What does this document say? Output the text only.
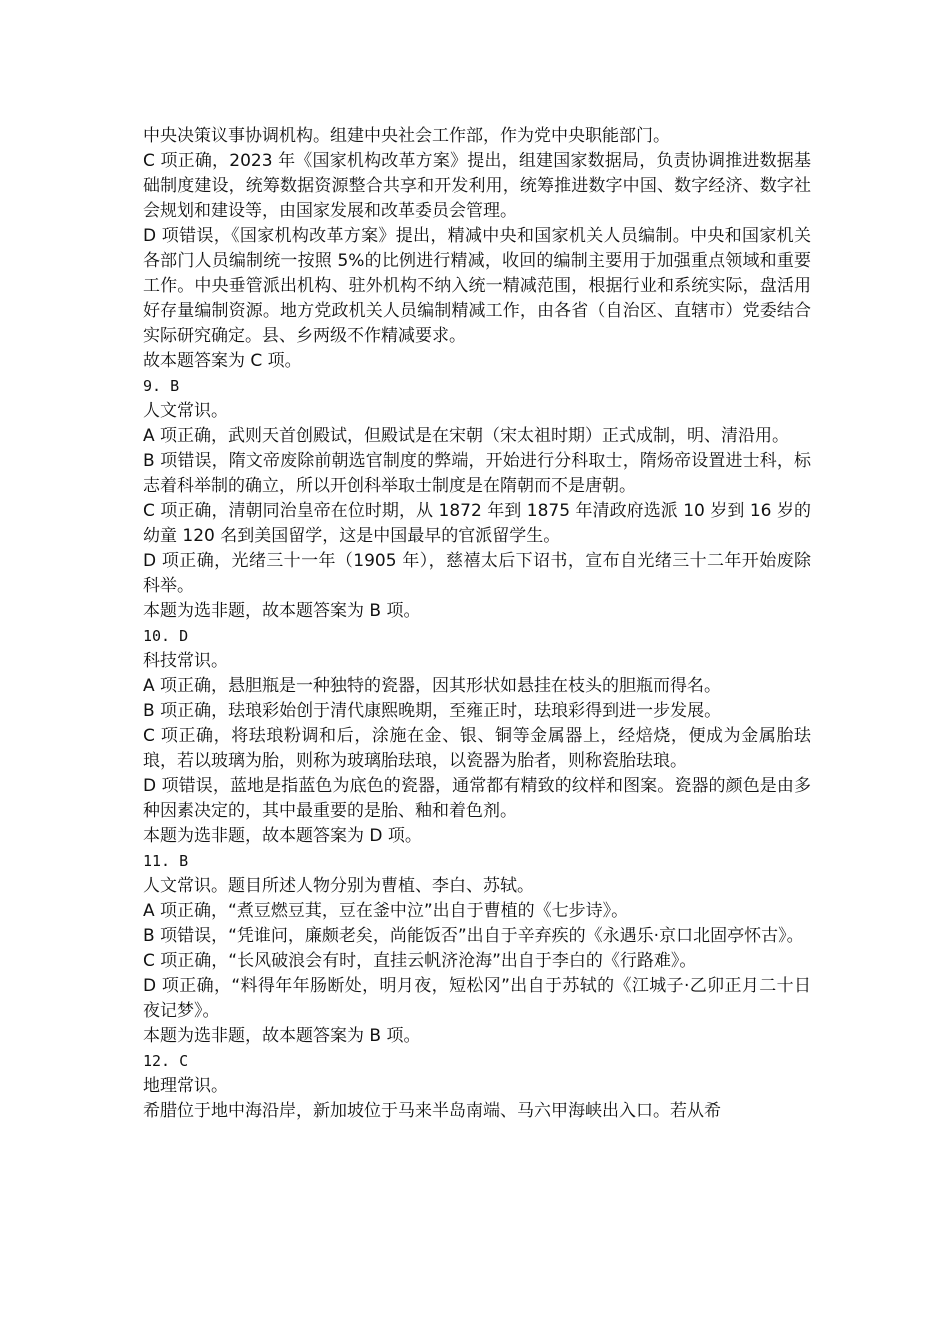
中央决策议事协调机构。组建中央社会工作部，作为党中央职能部门。

C 项正确，2023 年《国家机构改革方案》提出，组建国家数据局，负责协调推进数据基础制度建设，统筹数据资源整合共享和开发利用，统筹推进数字中国、数字经济、数字社会规划和建设等，由国家发展和改革委员会管理。

D 项错误，《国家机构改革方案》提出，精减中央和国家机关人员编制。中央和国家机关各部门人员编制统一按照 5%的比例进行精减，收回的编制主要用于加强重点领域和重要工作。中央垂管派出机构、驻外机构不纳入统一精减范围，根据行业和系统实际，盘活用好存量编制资源。地方党政机关人员编制精减工作，由各省（自治区、直辖市）党委结合实际研究确定。县、乡两级不作精减要求。

故本题答案为 C 项。

9. B

人文常识。

A 项正确，武则天首创殿试，但殿试是在宋朝（宋太祖时期）正式成制，明、清沿用。

B 项错误，隋文帝废除前朝选官制度的弊端，开始进行分科取士，隋炀帝设置进士科，标志着科举制的确立，所以开创科举取士制度是在隋朝而不是唐朝。

C 项正确，清朝同治皇帝在位时期，从 1872 年到 1875 年清政府选派 10 岁到 16 岁的幼童 120 名到美国留学，这是中国最早的官派留学生。

D 项正确，光绪三十一年（1905 年），慈禧太后下诏书，宣布自光绪三十二年开始废除科举。

本题为选非题，故本题答案为 B 项。

10. D

科技常识。

A 项正确，悬胆瓶是一种独特的瓷器，因其形状如悬挂在枝头的胆瓶而得名。

B 项正确，珐琅彩始创于清代康熙晚期，至雍正时，珐琅彩得到进一步发展。

C 项正确，将珐琅粉调和后，涂施在金、银、铜等金属器上，经焙烧，便成为金属胎珐琅，若以玻璃为胎，则称为玻璃胎珐琅，以瓷器为胎者，则称瓷胎珐琅。

D 项错误，蓝地是指蓝色为底色的瓷器，通常都有精致的纹样和图案。瓷器的颜色是由多种因素决定的，其中最重要的是胎、釉和着色剂。

本题为选非题，故本题答案为 D 项。

11. B

人文常识。题目所述人物分别为曹植、李白、苏轼。

A 项正确，“煮豆燃豆萁，豆在釜中泣”出自于曹植的《七步诗》。

B 项错误，“凭谁问，廉颇老矣，尚能饭否”出自于辛弃疾的《永遇乐·京口北固亭怀古》。

C 项正确，“长风破浪会有时，直挂云帆济沧海”出自于李白的《行路难》。

D 项正确，“料得年年肠断处，明月夜，短松冈”出自于苏轼的《江城子·乙卯正月二十日夜记梦》。

本题为选非题，故本题答案为 B 项。

12. C

地理常识。

希腊位于地中海沿岸，新加坡位于马来半岛南端、马六甲海峡出入口。若从希
